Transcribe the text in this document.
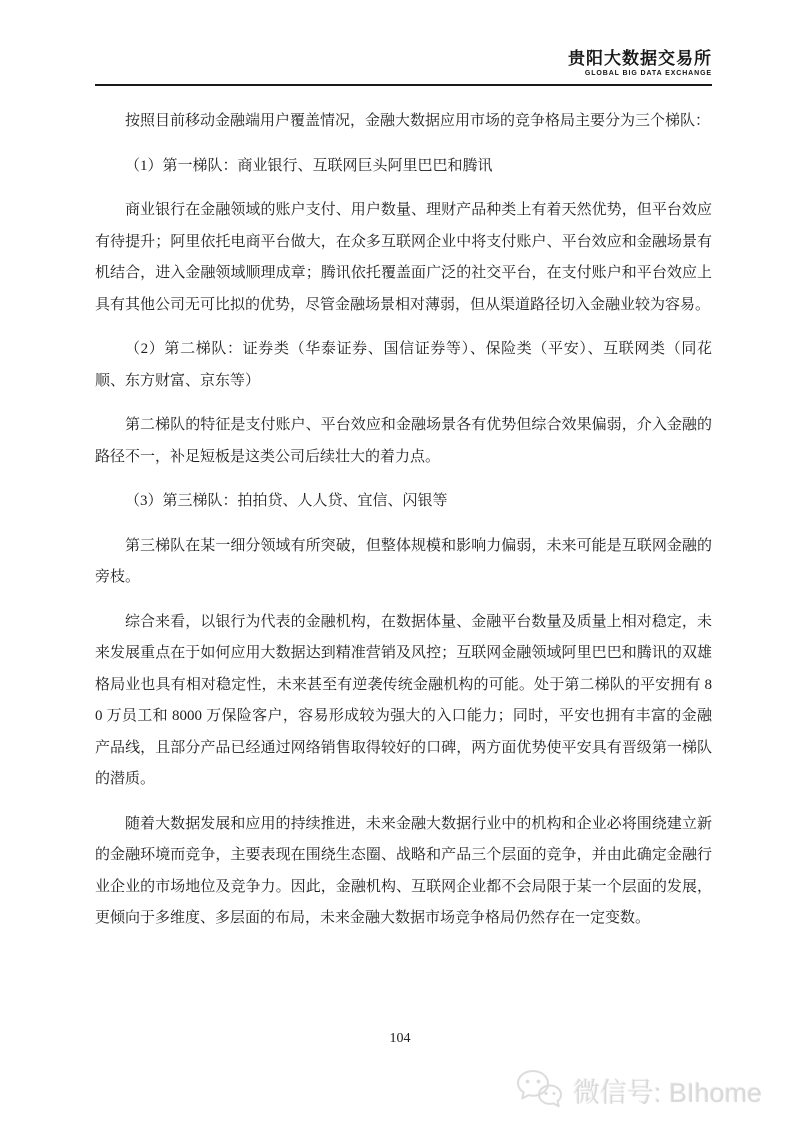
贵阳大数据交易所
GLOBAL BIG DATA EXCHANGE

按照目前移动金融端用户覆盖情况，金融大数据应用市场的竞争格局主要分为三个梯队：

（1）第一梯队：商业银行、互联网巨头阿里巴巴和腾讯

商业银行在金融领域的账户支付、用户数量、理财产品种类上有着天然优势，但平台效应有待提升；阿里依托电商平台做大，在众多互联网企业中将支付账户、平台效应和金融场景有机结合，进入金融领域顺理成章；腾讯依托覆盖面广泛的社交平台，在支付账户和平台效应上具有其他公司无可比拟的优势，尽管金融场景相对薄弱，但从渠道路径切入金融业较为容易。

（2）第二梯队：证券类（华泰证券、国信证券等）、保险类（平安）、互联网类（同花顺、东方财富、京东等）

第二梯队的特征是支付账户、平台效应和金融场景各有优势但综合效果偏弱，介入金融的路径不一，补足短板是这类公司后续壮大的着力点。

（3）第三梯队：拍拍贷、人人贷、宜信、闪银等

第三梯队在某一细分领域有所突破，但整体规模和影响力偏弱，未来可能是互联网金融的旁枝。

综合来看，以银行为代表的金融机构，在数据体量、金融平台数量及质量上相对稳定，未来发展重点在于如何应用大数据达到精准营销及风控；互联网金融领域阿里巴巴和腾讯的双雄格局业也具有相对稳定性，未来甚至有逆袭传统金融机构的可能。处于第二梯队的平安拥有 80 万员工和 8000 万保险客户，容易形成较为强大的入口能力；同时，平安也拥有丰富的金融产品线，且部分产品已经通过网络销售取得较好的口碑，两方面优势使平安具有晋级第一梯队的潜质。

随着大数据发展和应用的持续推进，未来金融大数据行业中的机构和企业必将围绕建立新的金融环境而竞争，主要表现在围绕生态圈、战略和产品三个层面的竞争，并由此确定金融行业企业的市场地位及竞争力。因此，金融机构、互联网企业都不会局限于某一个层面的发展，更倾向于多维度、多层面的布局，未来金融大数据市场竞争格局仍然存在一定变数。

104
微信号: BIhome
